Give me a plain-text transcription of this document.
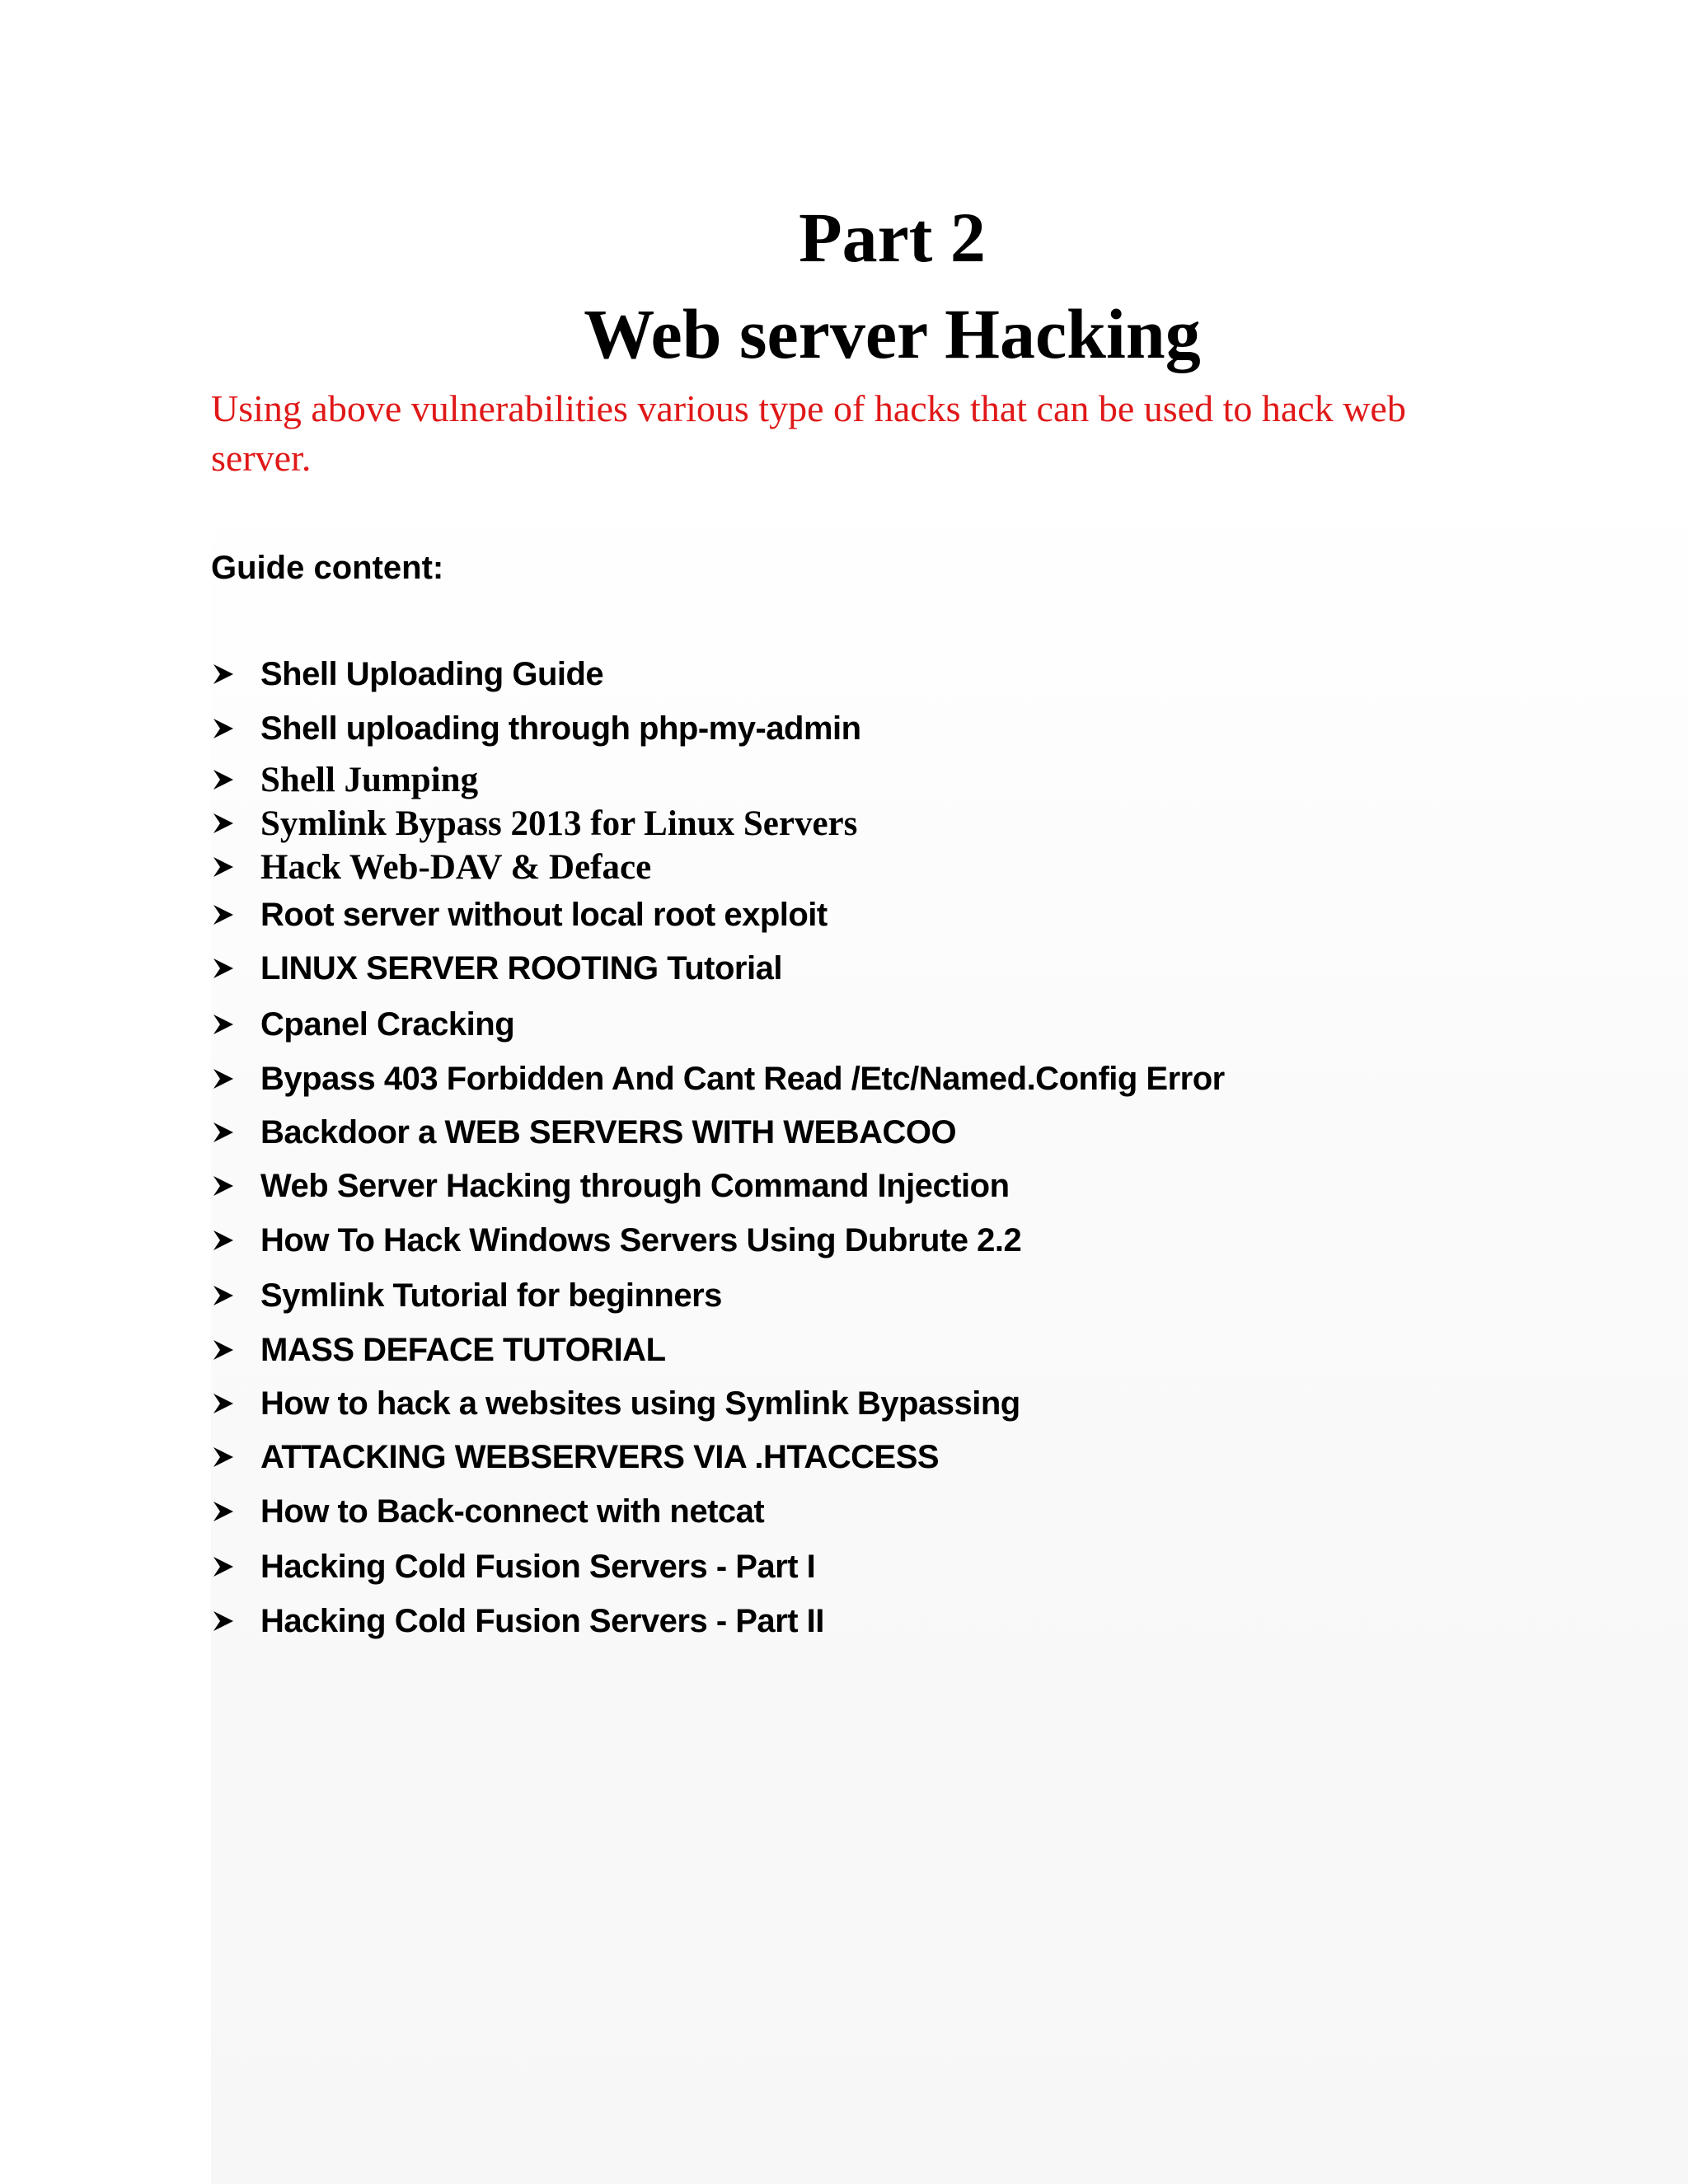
Part 2
Web server Hacking

Using above vulnerabilities various type of hacks that can be used to hack web server.

Guide content:

Shell Uploading Guide
Shell uploading through php-my-admin
Shell Jumping
Symlink Bypass 2013 for Linux Servers
Hack Web-DAV & Deface
Root server without local root exploit
LINUX SERVER ROOTING Tutorial
Cpanel Cracking
Bypass 403 Forbidden And Cant Read /Etc/Named.Config Error
Backdoor a WEB SERVERS WITH WEBACOO
Web Server Hacking through Command Injection
How To Hack Windows Servers Using Dubrute 2.2
Symlink Tutorial for beginners
MASS DEFACE TUTORIAL
How to hack a websites using Symlink Bypassing
ATTACKING WEBSERVERS VIA .HTACCESS
How to Back-connect with netcat
Hacking Cold Fusion Servers - Part I
Hacking Cold Fusion Servers - Part II
